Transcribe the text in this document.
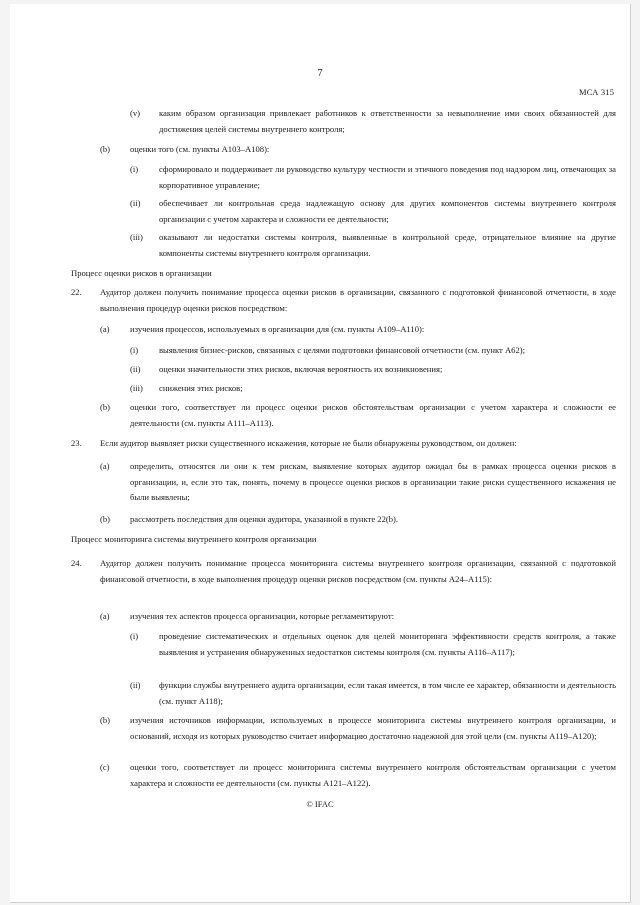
7
МСА 315
(v) каким образом организация привлекает работников к ответственности за невыполнение ими своих обязанностей для достижения целей системы внутреннего контроля;
(b) оценки того (см. пункты А103–А108):
(i) сформировало и поддерживает ли руководство культуру честности и этичного поведения под надзором лиц, отвечающих за корпоративное управление;
(ii) обеспечивает ли контрольная среда надлежащую основу для других компонентов системы внутреннего контроля организации с учетом характера и сложности ее деятельности;
(iii) оказывают ли недостатки системы контроля, выявленные в контрольной среде, отрицательное влияние на другие компоненты системы внутреннего контроля организации.
Процесс оценки рисков в организации
22. Аудитор должен получить понимание процесса оценки рисков в организации, связанного с подготовкой финансовой отчетности, в ходе выполнения процедур оценки рисков посредством:
(a) изучения процессов, используемых в организации для (см. пункты А109–А110):
(i) выявления бизнес-рисков, связанных с целями подготовки финансовой отчетности (см. пункт А62);
(ii) оценки значительности этих рисков, включая вероятность их возникновения;
(iii) снижения этих рисков;
(b) оценки того, соответствует ли процесс оценки рисков обстоятельствам организации с учетом характера и сложности ее деятельности (см. пункты А111–А113).
23. Если аудитор выявляет риски существенного искажения, которые не были обнаружены руководством, он должен:
(a) определить, относятся ли они к тем рискам, выявление которых аудитор ожидал бы в рамках процесса оценки рисков в организации, и, если это так, понять, почему в процессе оценки рисков в организации такие риски существенного искажения не были выявлены;
(b) рассмотреть последствия для оценки аудитора, указанной в пункте 22(b).
Процесс мониторинга системы внутреннего контроля организации
24. Аудитор должен получить понимание процесса мониторинга системы внутреннего контроля организации, связанной с подготовкой финансовой отчетности, в ходе выполнения процедур оценки рисков посредством (см. пункты А24–А115):
(a) изучения тех аспектов процесса организации, которые регламентируют:
(i) проведение систематических и отдельных оценок для целей мониторинга эффективности средств контроля, а также выявления и устранения обнаруженных недостатков системы контроля (см. пункты А116–А117);
(ii) функции службы внутреннего аудита организации, если такая имеется, в том числе ее характер, обязанности и деятельность (см. пункт А118);
(b) изучения источников информации, используемых в процессе мониторинга системы внутреннего контроля организации, и оснований, исходя из которых руководство считает информацию достаточно надежной для этой цели (см. пункты А119–А120);
(c) оценки того, соответствует ли процесс мониторинга системы внутреннего контроля обстоятельствам организации с учетом характера и сложности ее деятельности (см. пункты А121–А122).
© IFAC
